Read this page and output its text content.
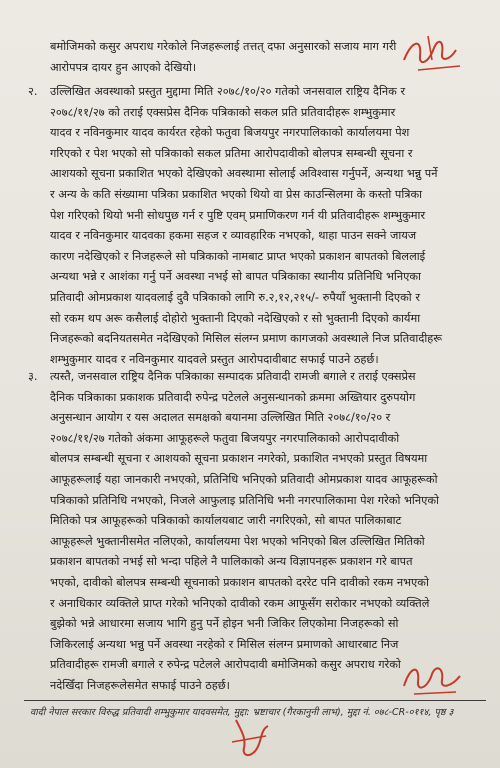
बमोजिमको कसुर अपराध गरेकोले निजहरूलाई तत्तत् दफा अनुसारको सजाय माग गरी
आरोपपत्र दायर हुन आएको देखियो।
२. उल्लिखित अवस्थाको प्रस्तुत मुद्दामा मिति २०७८/१०/२० गतेको जनसवाल राष्ट्रिय दैनिक र
२०७८/११/२७ को तराई एक्सप्रेस दैनिक पत्रिकाको सकल प्रति प्रतिवादीहरू शम्भुकुमार
यादव र नविनकुमार यादव कार्यरत रहेको फतुवा बिजयपुर नगरपालिकाको कार्यालयमा पेश
गरिएको र पेश भएको सो पत्रिकाको सकल प्रतिमा आरोपदावीको बोलपत्र सम्बन्धी सूचना र
आशयको सूचना प्रकाशित भएको देखिएको अवस्थामा सोलाई अविश्वास गर्नुपर्ने, अन्यथा भन्नु पर्ने
र अन्य के कति संख्यामा पत्रिका प्रकाशित भएको थियो वा प्रेस काउन्सिलमा के कस्तो पत्रिका
पेश गरिएको थियो भनी सोधपुछ गर्न र पुष्टि एवम् प्रमाणिकरण गर्न यी प्रतिवादीहरू शम्भुकुमार
यादव र नविनकुमार यादवका हकमा सहज र व्यावहारिक नभएको, थाहा पाउन सक्ने जायज
कारण नदेखिएको र निजहरूले सो पत्रिकाको नामबाट प्राप्त भएको प्रकाशन बापतको बिललाई
अन्यथा भन्ने र आशंका गर्नु पर्ने अवस्था नभई सो बापत पत्रिकाका स्थानीय प्रतिनिधि भनिएका
प्रतिवादी ओमप्रकाश यादवलाई दुवै पत्रिकाको लागि रु.२,१२,२१५/- रुपैयाँ भुक्तानी दिएको र
सो रकम थप अरू कसैलाई दोहोरो भुक्तानी दिएको नदेखिएको र सो भुक्तानी दिएको कार्यमा
निजहरूको बदनियतसमेत नदेखिएको मिसिल संलग्न प्रमाण कागजको अवस्थाले निज प्रतिवादीहरू
शम्भुकुमार यादव र नविनकुमार यादवले प्रस्तुत आरोपदावीबाट सफाई पाउने ठहर्छ।
३. त्यस्तै, जनसवाल राष्ट्रिय दैनिक पत्रिकाका सम्पादक प्रतिवादी रामजी बगाले र तराई एक्सप्रेस
दैनिक पत्रिकाका प्रकाशक प्रतिवादी रुपेन्द्र पटेलले अनुसन्धानको क्रममा अख्तियार दुरुपयोग
अनुसन्धान आयोग र यस अदालत समक्षको बयानमा उल्लिखित मिति २०७८/१०/२० र
२०७८/११/२७ गतेको अंकमा आफूहरूले फतुवा बिजयपुर नगरपालिकाको आरोपदावीको
बोलपत्र सम्बन्धी सूचना र आशयको सूचना प्रकाशन नगरेको, प्रकाशित नभएको प्रस्तुत विषयमा
आफूहरूलाई यहा जानकारी नभएको, प्रतिनिधि भनिएको प्रतिवादी ओमप्रकाश यादव आफूहरूको
पत्रिकाको प्रतिनिधि नभएको, निजले आफुलाइ प्रतिनिधि भनी नगरपालिकामा पेश गरेको भनिएको
मितिको पत्र आफूहरूको पत्रिकाको कार्यालयबाट जारी नगरिएको, सो बापत पालिकाबाट
आफूहरूले भुक्तानीसमेत नलिएको, कार्यालयमा पेश भएको भनिएको बिल उल्लिखित मितिको
प्रकाशन बापतको नभई सो भन्दा पहिले नै पालिकाको अन्य विज्ञापनहरू प्रकाशन गरे बापत
भएको, दावीको बोलपत्र सम्बन्धी सूचनाको प्रकाशन बापतको दररेट पनि दावीको रकम नभएको
र अनाधिकार व्यक्तिले प्राप्त गरेको भनिएको दावीको रकम आफूसँग सरोकार नभएको व्यक्तिले
बुझेको भन्ने आधारमा सजाय भागि हुनु पर्ने होइन भनी जिकिर लिएकोमा निजहरूको सो
जिकिरलाई अन्यथा भन्नु पर्ने अवस्था नरहेको र मिसिल संलग्न प्रमाणको आधारबाट निज
प्रतिवादीहरू रामजी बगाले र रुपेन्द्र पटेलले आरोपदावी बमोजिमको कसुर अपराध गरेको
नदेखिँदा निजहरूलेसमेत सफाई पाउने ठहर्छ।
वादी नेपाल सरकार विरुद्ध प्रतिवादी शम्भुकुमार यादवसमेत, मुद्दा: भ्रष्टाचार (गैरकानुनी लाभ), मुद्दा नं. ०७८-CR-०११४, पृष्ठ ३
